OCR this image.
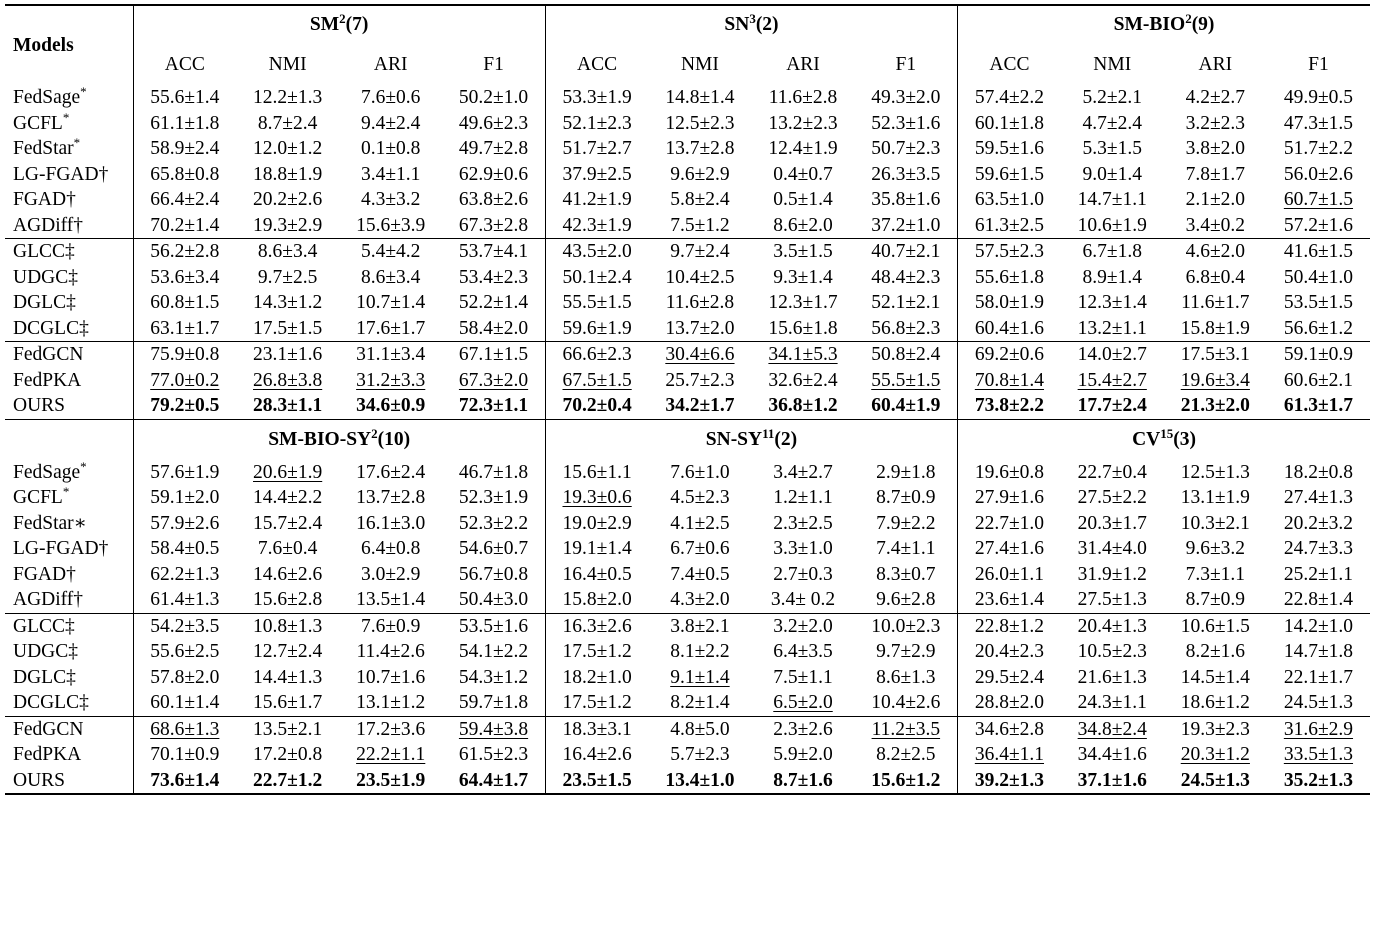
Models	$SM^2(7)$				$SN^3(2)$				SM-BIO$^2$(9)			
	ACC	NMI	ARI	F1	ACC	NMI	ARI	F1	ACC	NMI	ARI	F1
FedSage*	55.6±1.4	12.2±1.3	7.6±0.6	50.2±1.0	53.3±1.9	14.8±1.4	11.6±2.8	49.3±2.0	57.4±2.2	5.2±2.1	4.2±2.7	49.9±0.5
GCFL*	61.1±1.8	8.7±2.4	9.4±2.4	49.6±2.3	52.1±2.3	12.5±2.3	13.2±2.3	52.3±1.6	60.1±1.8	4.7±2.4	3.2±2.3	47.3±1.5
FedStar*	58.9±2.4	12.0±1.2	0.1±0.8	49.7±2.8	51.7±2.7	13.7±2.8	12.4±1.9	50.7±2.3	59.5±1.6	5.3±1.5	3.8±2.0	51.7±2.2
LG-FGAD†	65.8±0.8	18.8±1.9	3.4±1.1	62.9±0.6	37.9±2.5	9.6±2.9	0.4±0.7	26.3±3.5	59.6±1.5	9.0±1.4	7.8±1.7	56.0±2.6
FGAD†	66.4±2.4	20.2±2.6	4.3±3.2	63.8±2.6	41.2±1.9	5.8±2.4	0.5±1.4	35.8±1.6	63.5±1.0	14.7±1.1	2.1±2.0	60.7±1.5
AGDiff†	70.2±1.4	19.3±2.9	15.6±3.9	67.3±2.8	42.3±1.9	7.5±1.2	8.6±2.0	37.2±1.0	61.3±2.5	10.6±1.9	3.4±0.2	57.2±1.6
GLCC‡	56.2±2.8	8.6±3.4	5.4±4.2	53.7±4.1	43.5±2.0	9.7±2.4	3.5±1.5	40.7±2.1	57.5±2.3	6.7±1.8	4.6±2.0	41.6±1.5
UDGC‡	53.6±3.4	9.7±2.5	8.6±3.4	53.4±2.3	50.1±2.4	10.4±2.5	9.3±1.4	48.4±2.3	55.6±1.8	8.9±1.4	6.8±0.4	50.4±1.0
DGLC‡	60.8±1.5	14.3±1.2	10.7±1.4	52.2±1.4	55.5±1.5	11.6±2.8	12.3±1.7	52.1±2.1	58.0±1.9	12.3±1.4	11.6±1.7	53.5±1.5
DCGLC‡	63.1±1.7	17.5±1.5	17.6±1.7	58.4±2.0	59.6±1.9	13.7±2.0	15.6±1.8	56.8±2.3	60.4±1.6	13.2±1.1	15.8±1.9	56.6±1.2
FedGCN	75.9±0.8	23.1±1.6	31.1±3.4	67.1±1.5	66.6±2.3	30.4±6.6	34.1±5.3	50.8±2.4	69.2±0.6	14.0±2.7	17.5±3.1	59.1±0.9
FedPKA	77.0±0.2	26.8±3.8	31.2±3.3	67.3±2.0	67.5±1.5	25.7±2.3	32.6±2.4	55.5±1.5	70.8±1.4	15.4±2.7	19.6±3.4	60.6±2.1
OURS	79.2±0.5	28.3±1.1	34.6±0.9	72.3±1.1	70.2±0.4	34.2±1.7	36.8±1.2	60.4±1.9	73.8±2.2	17.7±2.4	21.3±2.0	61.3±1.7
	$SM-BIO-SY^2(10)$				SN-SY$^{11}$(2)				CV$^{15}$(3)			
FedSage*	57.6±1.9	20.6±1.9	17.6±2.4	46.7±1.8	15.6±1.1	7.6±1.0	3.4±2.7	2.9±1.8	19.6±0.8	22.7±0.4	12.5±1.3	18.2±0.8
GCFL*	59.1±2.0	14.4±2.2	13.7±2.8	52.3±1.9	19.3±0.6	4.5±2.3	1.2±1.1	8.7±0.9	27.9±1.6	27.5±2.2	13.1±1.9	27.4±1.3
FedStar∗	57.9±2.6	15.7±2.4	16.1±3.0	52.3±2.2	19.0±2.9	4.1±2.5	2.3±2.5	7.9±2.2	22.7±1.0	20.3±1.7	10.3±2.1	20.2±3.2
LG-FGAD†	58.4±0.5	7.6±0.4	6.4±0.8	54.6±0.7	19.1±1.4	6.7±0.6	3.3±1.0	7.4±1.1	27.4±1.6	31.4±4.0	9.6±3.2	24.7±3.3
FGAD†	62.2±1.3	14.6±2.6	3.0±2.9	56.7±0.8	16.4±0.5	7.4±0.5	2.7±0.3	8.3±0.7	26.0±1.1	31.9±1.2	7.3±1.1	25.2±1.1
AGDiff†	61.4±1.3	15.6±2.8	13.5±1.4	50.4±3.0	15.8±2.0	4.3±2.0	3.4± 0.2	9.6±2.8	23.6±1.4	27.5±1.3	8.7±0.9	22.8±1.4
GLCC‡	54.2±3.5	10.8±1.3	7.6±0.9	53.5±1.6	16.3±2.6	3.8±2.1	3.2±2.0	10.0±2.3	22.8±1.2	20.4±1.3	10.6±1.5	14.2±1.0
UDGC‡	55.6±2.5	12.7±2.4	11.4±2.6	54.1±2.2	17.5±1.2	8.1±2.2	6.4±3.5	9.7±2.9	20.4±2.3	10.5±2.3	8.2±1.6	14.7±1.8
DGLC‡	57.8±2.0	14.4±1.3	10.7±1.6	54.3±1.2	18.2±1.0	9.1±1.4	7.5±1.1	8.6±1.3	29.5±2.4	21.6±1.3	14.5±1.4	22.1±1.7
DCGLC‡	60.1±1.4	15.6±1.7	13.1±1.2	59.7±1.8	17.5±1.2	8.2±1.4	6.5±2.0	10.4±2.6	28.8±2.0	24.3±1.1	18.6±1.2	24.5±1.3
FedGCN	68.6±1.3	13.5±2.1	17.2±3.6	59.4±3.8	18.3±3.1	4.8±5.0	2.3±2.6	11.2±3.5	34.6±2.8	34.8±2.4	19.3±2.3	31.6±2.9
FedPKA	70.1±0.9	17.2±0.8	22.2±1.1	61.5±2.3	16.4±2.6	5.7±2.3	5.9±2.0	8.2±2.5	36.4±1.1	34.4±1.6	20.3±1.2	33.5±1.3
OURS	73.6±1.4	22.7±1.2	23.5±1.9	64.4±1.7	23.5±1.5	13.4±1.0	8.7±1.6	15.6±1.2	39.2±1.3	37.1±1.6	24.5±1.3	35.2±1.3
